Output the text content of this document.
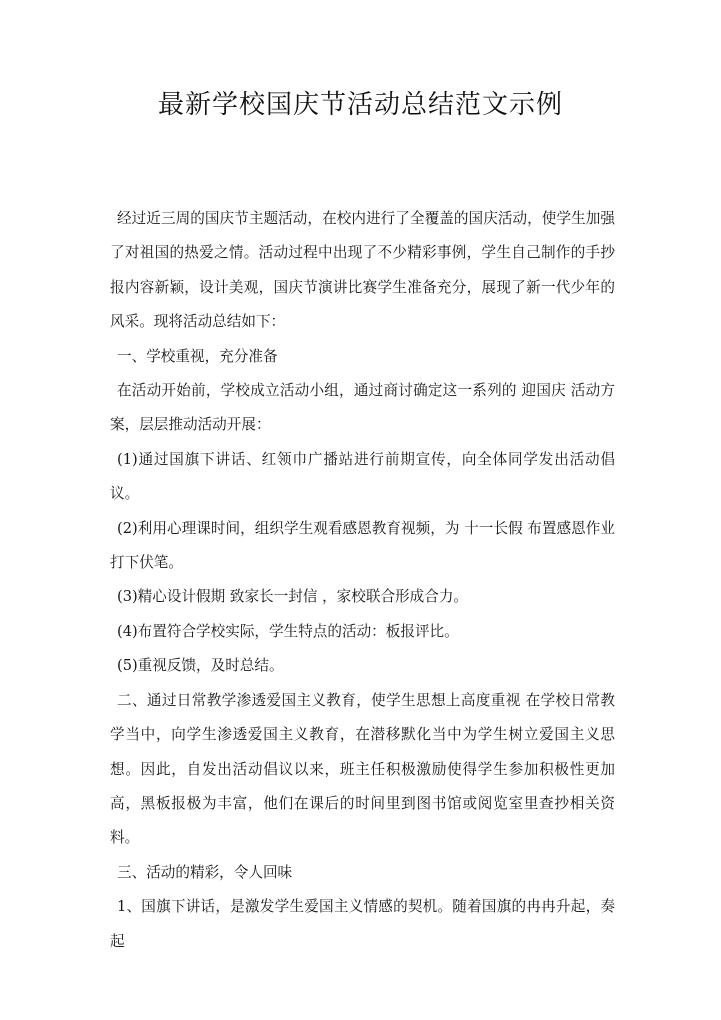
最新学校国庆节活动总结范文示例

经过近三周的国庆节主题活动，在校内进行了全覆盖的国庆活动，使学生加强了对祖国的热爱之情。活动过程中出现了不少精彩事例，学生自己制作的手抄报内容新颖，设计美观，国庆节演讲比赛学生准备充分，展现了新一代少年的风采。现将活动总结如下：

一、学校重视，充分准备

在活动开始前，学校成立活动小组，通过商讨确定这一系列的 迎国庆 活动方案，层层推动活动开展：

(1)通过国旗下讲话、红领巾广播站进行前期宣传，向全体同学发出活动倡议。

(2)利用心理课时间，组织学生观看感恩教育视频，为 十一长假 布置感恩作业打下伏笔。

(3)精心设计假期 致家长一封信 ，家校联合形成合力。

(4)布置符合学校实际，学生特点的活动：板报评比。

(5)重视反馈，及时总结。

二、通过日常教学渗透爱国主义教育，使学生思想上高度重视 在学校日常教学当中，向学生渗透爱国主义教育，在潜移默化当中为学生树立爱国主义思想。因此，自发出活动倡议以来，班主任积极激励使得学生参加积极性更加高，黑板报极为丰富，他们在课后的时间里到图书馆或阅览室里查抄相关资料。

三、活动的精彩，令人回味

1、国旗下讲话，是激发学生爱国主义情感的契机。随着国旗的冉冉升起，奏起
